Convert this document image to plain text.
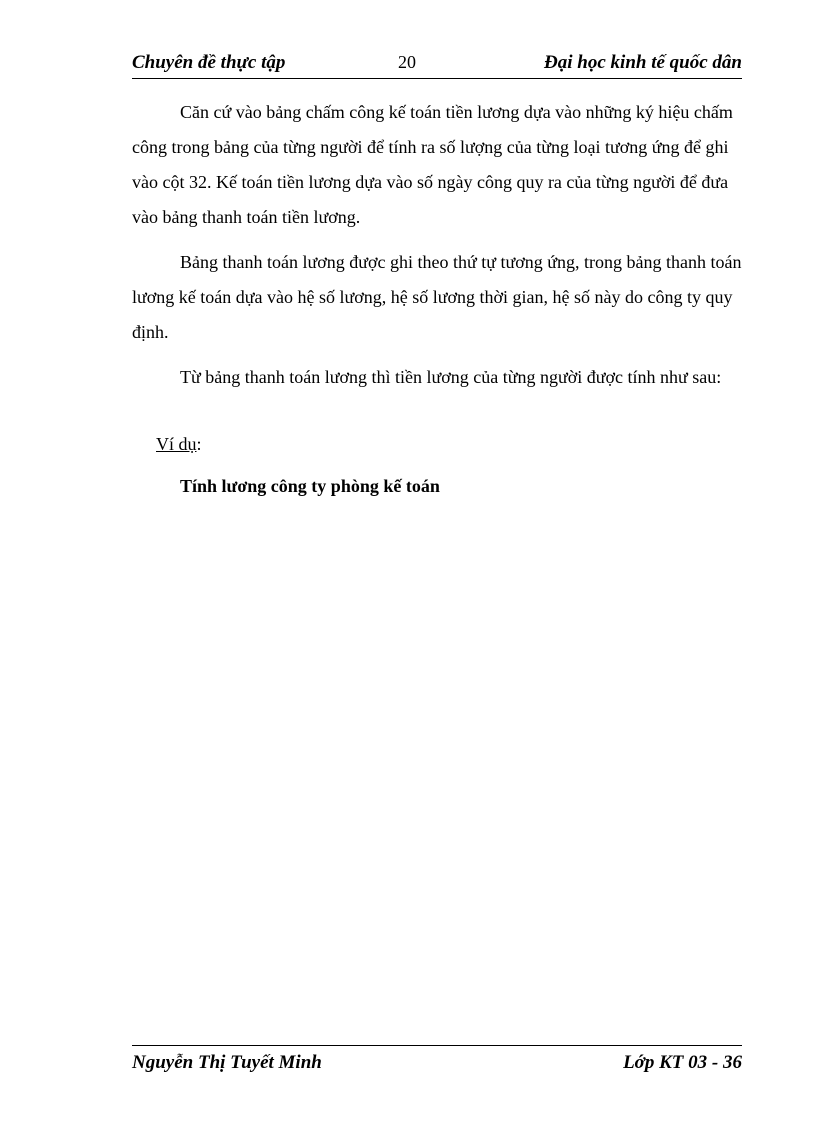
Chuyên đề thực tập	20	Đại học kinh tế quốc dân

Căn cứ vào bảng chấm công kế toán tiền lương dựa vào những ký hiệu chấm công trong bảng của từng người để tính ra số lượng của từng loại tương ứng để ghi vào cột 32. Kế toán tiền lương dựa vào số ngày công quy ra của từng người để đưa vào bảng thanh toán tiền lương.

Bảng thanh toán lương được ghi theo thứ tự tương ứng, trong bảng thanh toán lương kế toán dựa vào hệ số lương, hệ số lương thời gian, hệ số này do công ty quy định.

Từ bảng thanh toán lương thì tiền lương của từng người được tính như sau:

Ví dụ:
Tính lương công ty phòng kế toán
Nguyễn Thị Tuyết Minh	Lớp KT 03 - 36
